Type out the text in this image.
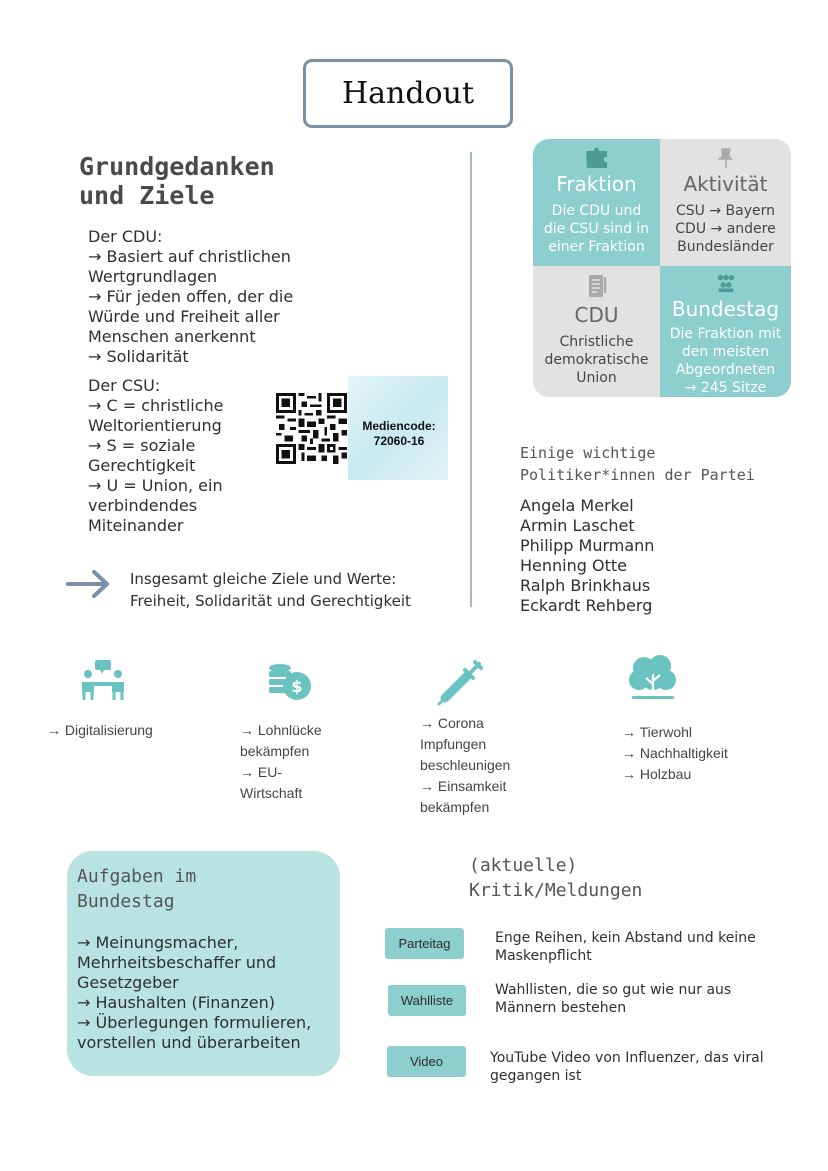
Handout
Grundgedanken
und Ziele
Der CDU:
→ Basiert auf christlichen
Wertgrundlagen
→ Für jeden offen, der die
Würde und Freiheit aller
Menschen anerkennt
→ Solidarität
Der CSU:
→ C = christliche
Weltorientierung
→ S = soziale
Gerechtigkeit
→ U = Union, ein
verbindendes
Miteinander
Mediencode:
72060-16
Insgesamt gleiche Ziele und Werte:
Freiheit, Solidarität und Gerechtigkeit
Fraktion
Die CDU und
die CSU sind in
einer Fraktion
Aktivität
CSU → Bayern
CDU → andere
Bundesländer
CDU
Christliche
demokratische
Union
Bundestag
Die Fraktion mit
den meisten
Abgeordneten
→ 245 Sitze
Einige wichtige
Politiker*innen der Partei
Angela Merkel
Armin Laschet
Philipp Murmann
Henning Otte
Ralph Brinkhaus
Eckardt Rehberg
$
→ Digitalisierung	→ Lohnlücke
bekämpfen
→ EU-
Wirtschaft
→ Corona
Impfungen
beschleunigen
→ Einsamkeit
bekämpfen
→ Tierwohl
→ Nachhaltigkeit
→ Holzbau
Aufgaben im
Bundestag
→ Meinungsmacher,
Mehrheitsbeschaffer und
Gesetzgeber
→ Haushalten (Finanzen)
→ Überlegungen formulieren,
vorstellen und überarbeiten
(aktuelle)
Kritik/Meldungen
Parteitag	Enge Reihen, kein Abstand und keine
Maskenpflicht
Wahlliste
Wahllisten, die so gut wie nur aus
Männern bestehen
Video	YouTube Video von Influenzer, das viral
gegangen ist
